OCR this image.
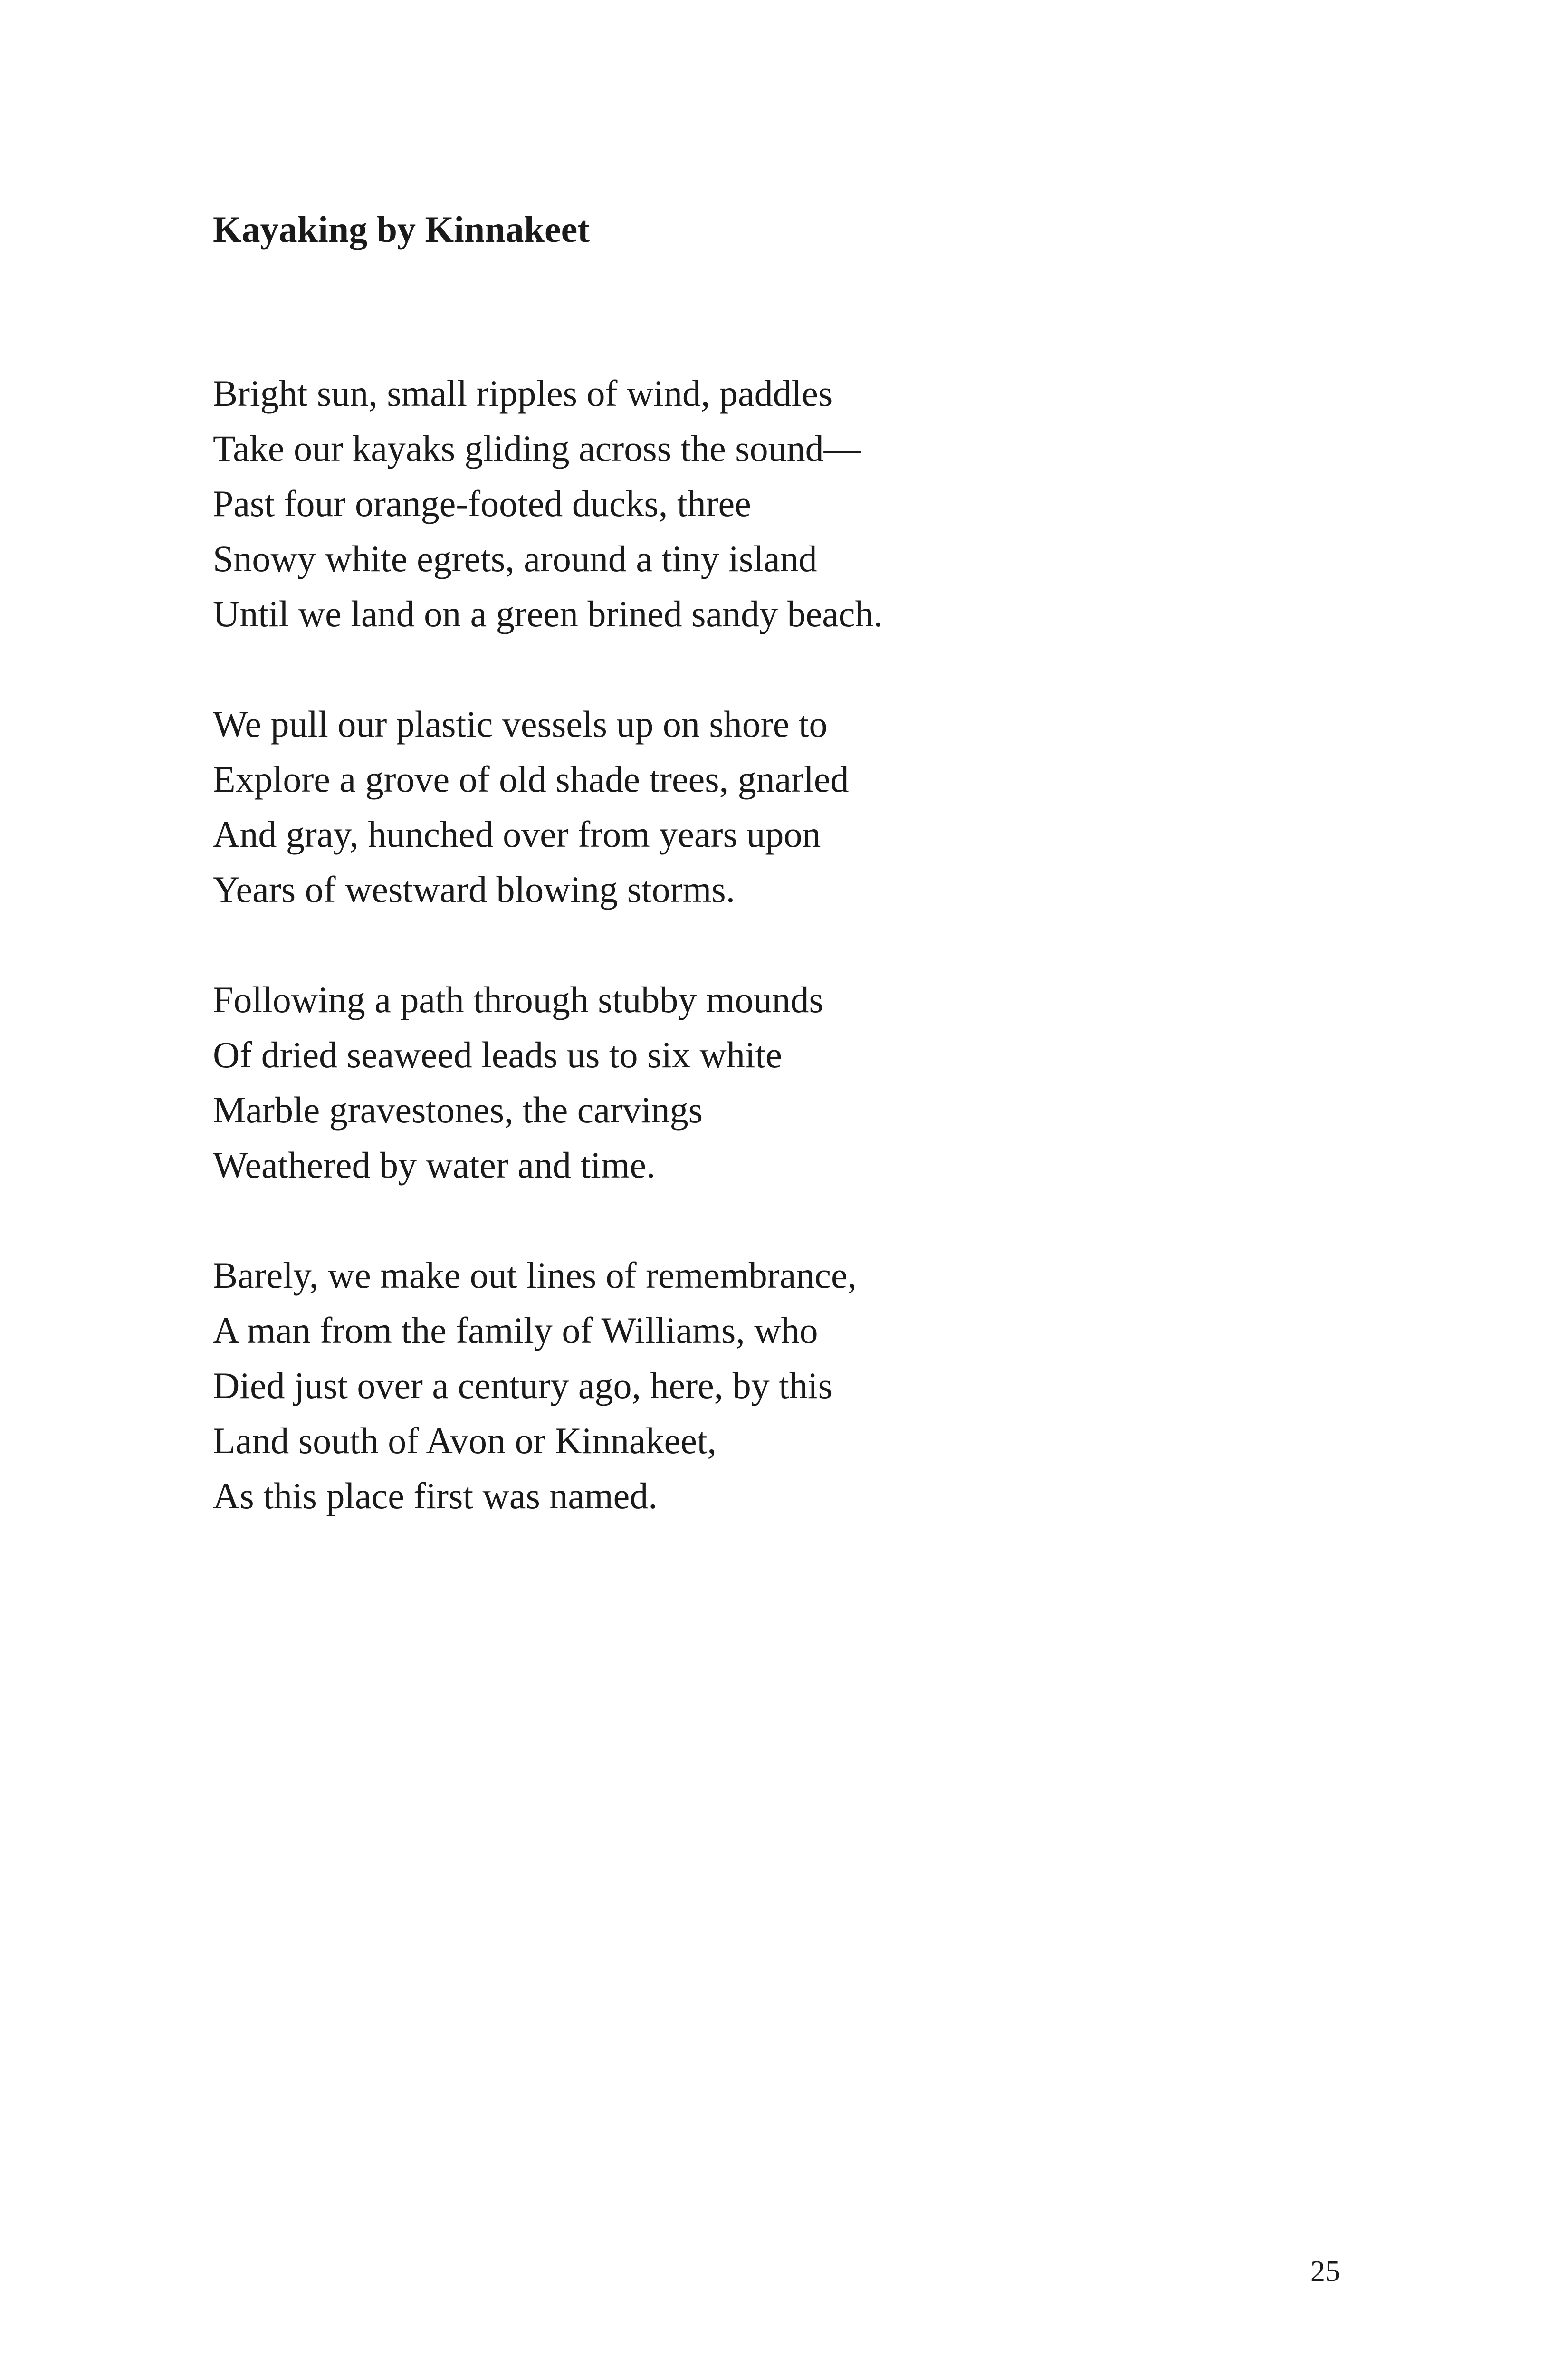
Kayaking by Kinnakeet
Bright sun, small ripples of wind, paddles
Take our kayaks gliding across the sound—
Past four orange-footed ducks, three
Snowy white egrets, around a tiny island
Until we land on a green brined sandy beach.
We pull our plastic vessels up on shore to
Explore a grove of old shade trees, gnarled
And gray, hunched over from years upon
Years of westward blowing storms.
Following a path through stubby mounds
Of dried seaweed leads us to six white
Marble gravestones, the carvings
Weathered by water and time.
Barely, we make out lines of remembrance,
A man from the family of Williams, who
Died just over a century ago, here, by this
Land south of Avon or Kinnakeet,
As this place first was named.
25
